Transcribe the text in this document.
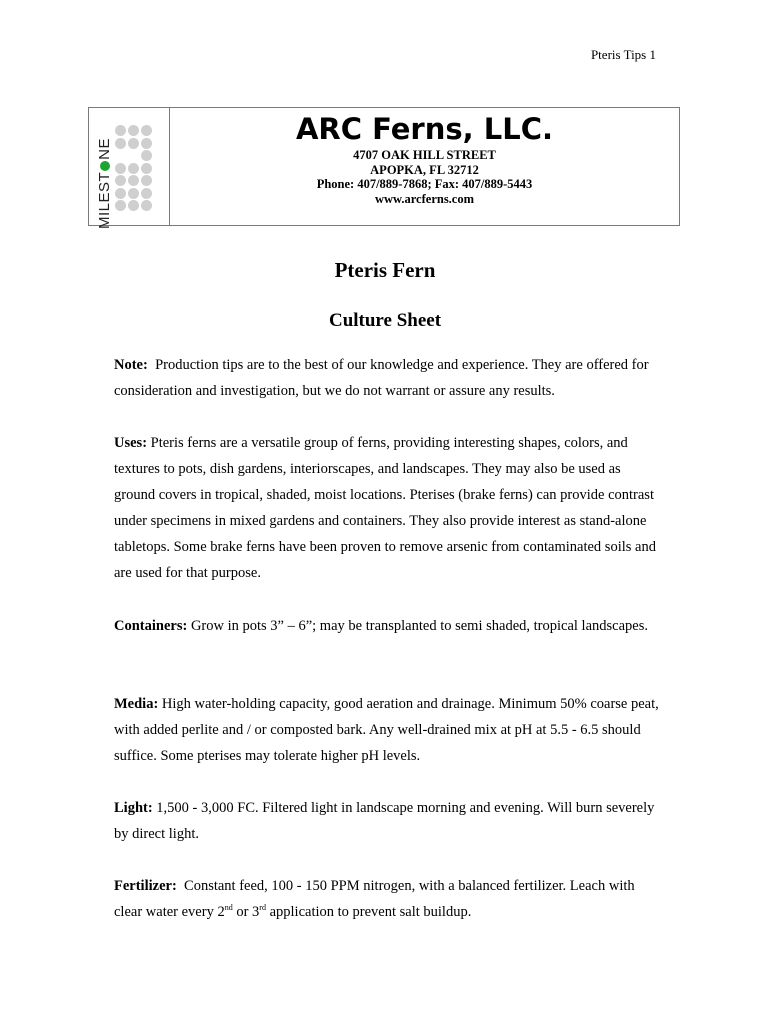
Pteris Tips 1
MILEST
NE
ARC Ferns, LLC.
4707 OAK HILL STREET
APOPKA, FL 32712
Phone: 407/889-7868; Fax: 407/889-5443
www.arcferns.com
Pteris Fern
Culture Sheet
Note: Production tips are to the best of our knowledge and experience. They are offered for consideration and investigation, but we do not warrant or assure any results.
Uses: Pteris ferns are a versatile group of ferns, providing interesting shapes, colors, and textures to pots, dish gardens, interiorscapes, and landscapes. They may also be used as ground covers in tropical, shaded, moist locations. Pterises (brake ferns) can provide contrast under specimens in mixed gardens and containers. They also provide interest as stand-alone tabletops. Some brake ferns have been proven to remove arsenic from contaminated soils and are used for that purpose.
Containers: Grow in pots 3” – 6”; may be transplanted to semi shaded, tropical landscapes.
Media: High water-holding capacity, good aeration and drainage. Minimum 50% coarse peat, with added perlite and / or composted bark. Any well-drained mix at pH at 5.5 - 6.5 should suffice. Some pterises may tolerate higher pH levels.
Light: 1,500 - 3,000 FC. Filtered light in landscape morning and evening. Will burn severely by direct light.
Fertilizer: Constant feed, 100 - 150 PPM nitrogen, with a balanced fertilizer. Leach with clear water every 2nd or 3rd application to prevent salt buildup.
